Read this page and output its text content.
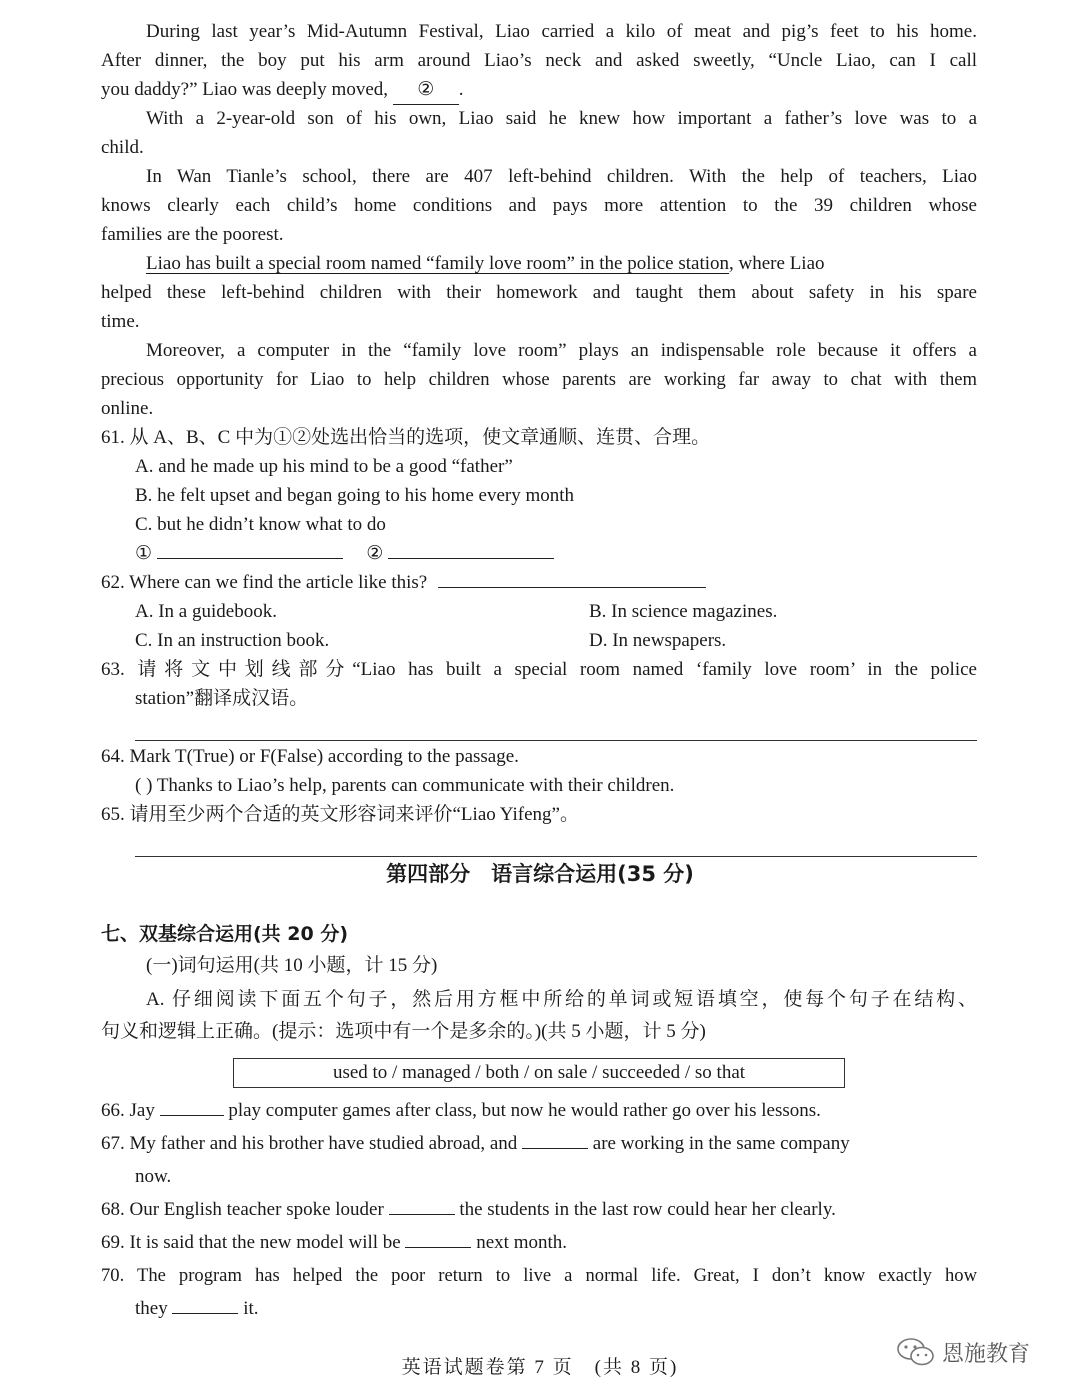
During last year’s Mid-Autumn Festival, Liao carried a kilo of meat and pig’s feet to his home.
After dinner, the boy put his arm around Liao’s neck and asked sweetly, “Uncle Liao, can I call
you daddy?” Liao was deeply moved, ② .
With a 2-year-old son of his own, Liao said he knew how important a father’s love was to a
child.
In Wan Tianle’s school, there are 407 left-behind children. With the help of teachers, Liao
knows clearly each child’s home conditions and pays more attention to the 39 children whose
families are the poorest.
Liao has built a special room named “family love room” in the police station, where Liao
helped these left-behind children with their homework and taught them about safety in his spare
time.
Moreover, a computer in the “family love room” plays an indispensable role because it offers a
precious opportunity for Liao to help children whose parents are working far away to chat with them
online.
61. 从 A、B、C 中为①②处选出恰当的选项，使文章通顺、连贯、合理。
A. and he made up his mind to be a good “father”
B. he felt upset and began going to his home every month
C. but he didn’t know what to do
①	②
62. Where can we find the article like this?
A. In a guidebook.	B. In science magazines.
C. In an instruction book.	D. In newspapers.
63. 请将文中划线部分“Liao has built a special room named ‘family love room’ in the police
station”翻译成汉语。
64. Mark T(True) or F(False) according to the passage.
( ) Thanks to Liao’s help, parents can communicate with their children.
65. 请用至少两个合适的英文形容词来评价“Liao Yifeng”。
第四部分　语言综合运用(35 分)
七、双基综合运用(共 20 分)
(一)词句运用(共 10 小题，计 15 分)
A. 仔细阅读下面五个句子，然后用方框中所给的单词或短语填空，使每个句子在结构、
句义和逻辑上正确。(提示：选项中有一个是多余的。)(共 5 小题，计 5 分)
used to / managed / both / on sale / succeeded / so that
66. Jay	play computer games after class, but now he would rather go over his lessons.
67. My father and his brother have studied abroad, and	are working in the same company
now.
68. Our English teacher spoke louder	the students in the last row could hear her clearly.
69. It is said that the new model will be	next month.
70. The program has helped the poor return to live a normal life. Great, I don’t know exactly how
they	it.
英语试题卷第 7 页　(共 8 页)
恩施教育
